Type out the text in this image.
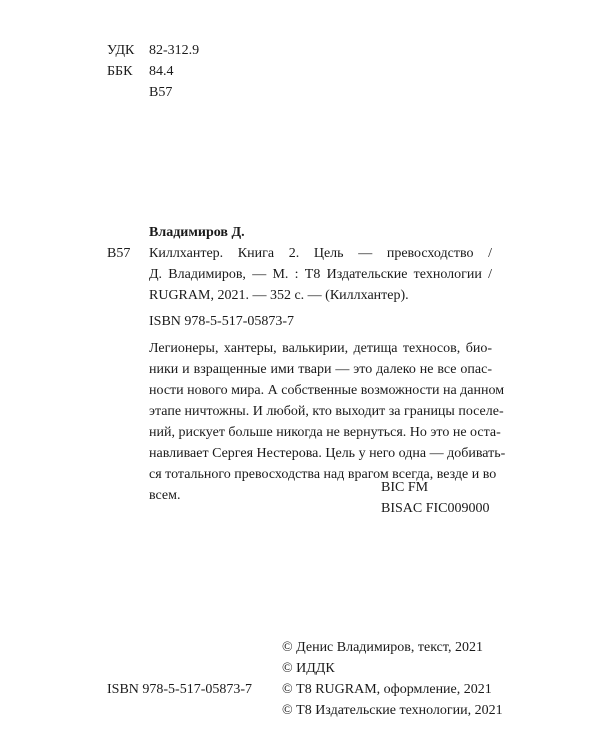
УДК 82-312.9
ББК 84.4
В57
Владимиров Д.
В57 Киллхантер. Книга 2. Цель — превосходство /
Д. Владимиров, — М. : Т8 Издательские технологии /
RUGRAM, 2021. — 352 с. — (Киллхантер).
ISBN 978-5-517-05873-7
Легионеры, хантеры, валькирии, детища техносов, био-
ники и взращенные ими твари — это далеко не все опас-
ности нового мира. А собственные возможности на данном
этапе ничтожны. И любой, кто выходит за границы поселе-
ний, рискует больше никогда не вернуться. Но это не оста-
навливает Сергея Нестерова. Цель у него одна — добивать-
ся тотального превосходства над врагом всегда, везде и во
всем.
BIC FM
BISAC FIC009000
ISBN 978-5-517-05873-7
© Денис Владимиров, текст, 2021
© ИДДК
© Т8 RUGRAM, оформление, 2021
© Т8 Издательские технологии, 2021
